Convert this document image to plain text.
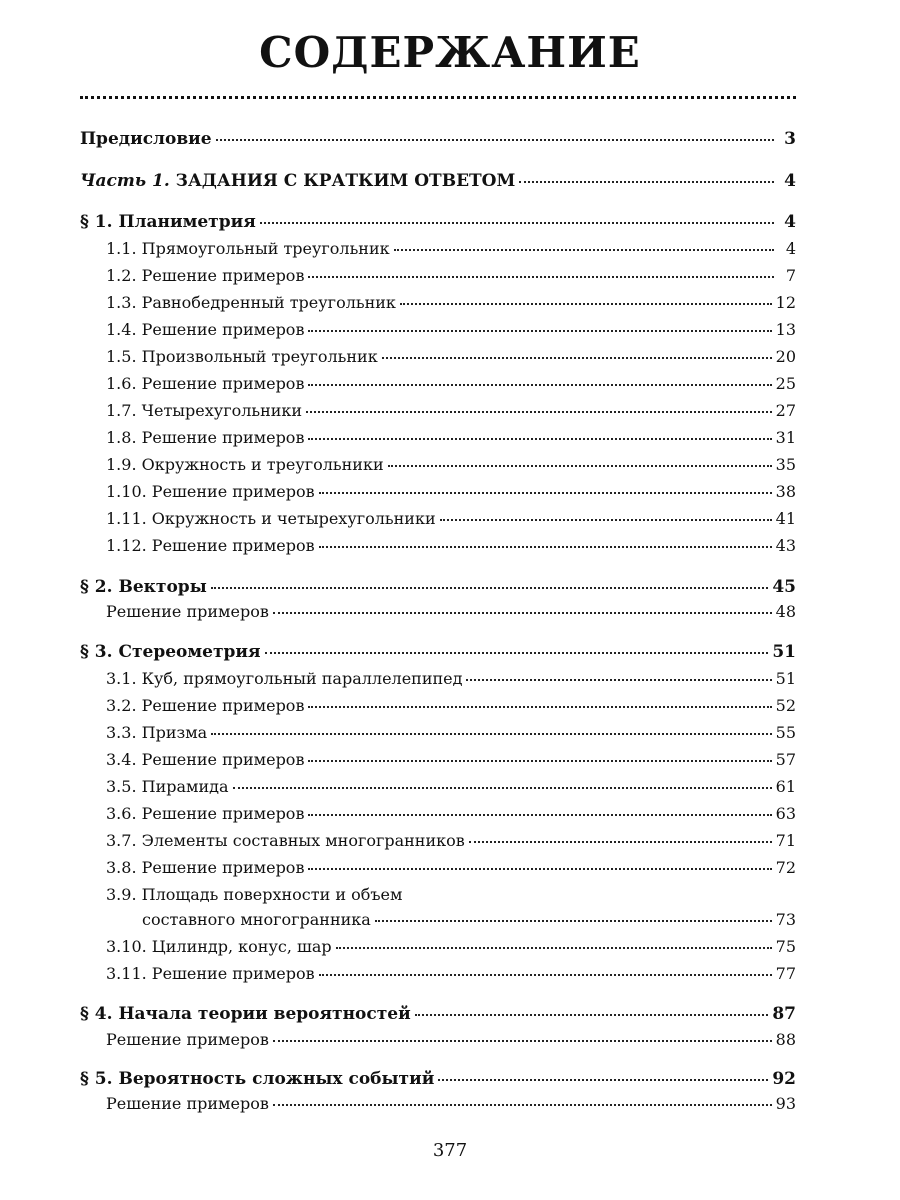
СОДЕРЖАНИЕ
Предисловие	3
Часть 1. ЗАДАНИЯ С КРАТКИМ ОТВЕТОМ	4
§ 1. Планиметрия	4
1.1. Прямоугольный треугольник	4
1.2. Решение примеров	7
1.3. Равнобедренный треугольник	12
1.4. Решение примеров	13
1.5. Произвольный треугольник	20
1.6. Решение примеров	25
1.7. Четырехугольники	27
1.8. Решение примеров	31
1.9. Окружность и треугольники	35
1.10. Решение примеров	38
1.11. Окружность и четырехугольники	41
1.12. Решение примеров	43
§ 2. Векторы	45
Решение примеров	48
§ 3. Стереометрия	51
3.1. Куб, прямоугольный параллелепипед	51
3.2. Решение примеров	52
3.3. Призма	55
3.4. Решение примеров	57
3.5. Пирамида	61
3.6. Решение примеров	63
3.7. Элементы составных многогранников	71
3.8. Решение примеров	72
3.9. Площадь поверхности и объем
составного многогранника	73
3.10. Цилиндр, конус, шар	75
3.11. Решение примеров	77
§ 4. Начала теории вероятностей	87
Решение примеров	88
§ 5. Вероятность сложных событий	92
Решение примеров	93
377
